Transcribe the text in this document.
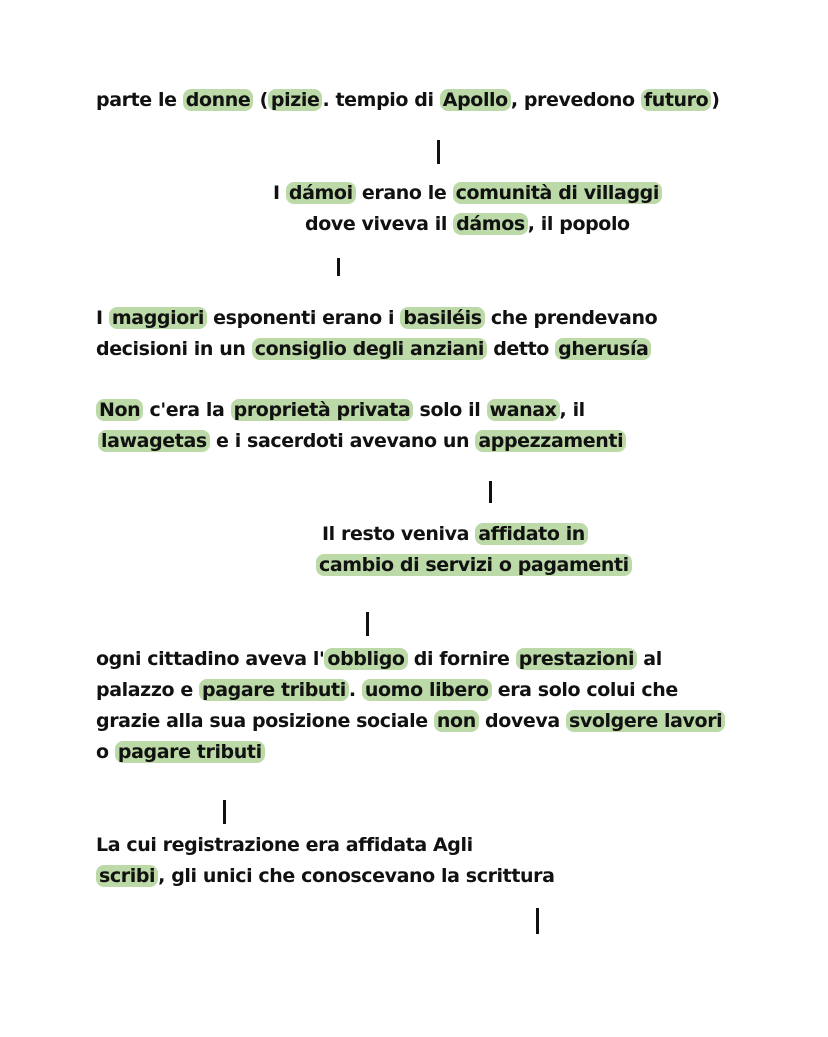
parte le donne ( pizie . tempio di Apollo , prevedono futuro )
I dámoi erano le comunità di villaggi
dove viveva il dámos , il popolo
I maggiori esponenti erano i basiléis che prendevano
decisioni in un consiglio degli anziani detto gherusía
Non c'era la proprietà privata solo il wanax , il
lawagetas e i sacerdoti avevano un appezzamenti
Il resto veniva affidato in
cambio di servizi o pagamenti
ogni cittadino aveva l' obbligo di fornire prestazioni al
palazzo e pagare tributi . uomo libero era solo colui che
grazie alla sua posizione sociale non doveva svolgere lavori
o pagare tributi
La cui registrazione era affidata Agli
scribi , gli unici che conoscevano la scrittura
